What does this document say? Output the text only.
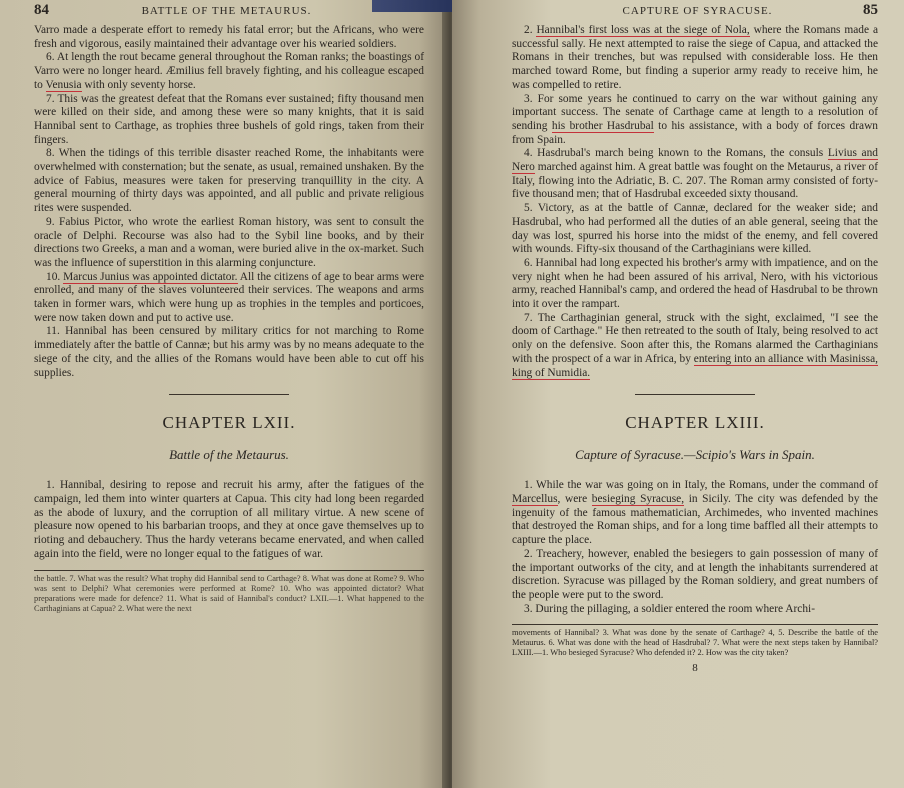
84	BATTLE OF THE METAURUS.

Varro made a desperate effort to remedy his fatal error; but the Africans, who were fresh and vigorous, easily maintained their advantage over his wearied soldiers.

6. At length the rout became general throughout the Roman ranks; the boastings of Varro were no longer heard. Æmilius fell bravely fighting, and his colleague escaped to Venusia with only seventy horse.

7. This was the greatest defeat that the Romans ever sustained; fifty thousand men were killed on their side, and among these were so many knights, that it is said Hannibal sent to Carthage, as trophies three bushels of gold rings, taken from their fingers.

8. When the tidings of this terrible disaster reached Rome, the inhabitants were overwhelmed with consternation; but the senate, as usual, remained unshaken. By the advice of Fabius, measures were taken for preserving tranquillity in the city. A general mourning of thirty days was appointed, and all public and private religious rites were suspended.

9. Fabius Pictor, who wrote the earliest Roman history, was sent to consult the oracle of Delphi. Recourse was also had to the Sybil line books, and by their directions two Greeks, a man and a woman, were buried alive in the ox-market. Such was the influence of superstition in this alarming conjuncture.

10. Marcus Junius was appointed dictator. All the citizens of age to bear arms were enrolled, and many of the slaves volunteered their services. The weapons and arms taken in former wars, which were hung up as trophies in the temples and porticoes, were now taken down and put to active use.

11. Hannibal has been censured by military critics for not marching to Rome immediately after the battle of Cannæ; but his army was by no means adequate to the siege of the city, and the allies of the Romans would have been able to cut off his supplies.

CHAPTER LXII.
Battle of the Metaurus.

1. Hannibal, desiring to repose and recruit his army, after the fatigues of the campaign, led them into winter quarters at Capua. This city had long been regarded as the abode of luxury, and the corruption of all military virtue. A new scene of pleasure now opened to his barbarian troops, and they at once gave themselves up to rioting and debauchery. Thus the hardy veterans became enervated, and when called again into the field, were no longer equal to the fatigues of war.

the battle. 7. What was the result? What trophy did Hannibal send to Carthage? 8. What was done at Rome? 9. Who was sent to Delphi? What ceremonies were performed at Rome? 10. Who was appointed dictator? What preparations were made for defence? 11. What is said of Hannibal's conduct? LXII.—1. What happened to the Carthaginians at Capua? 2. What were the next

CAPTURE OF SYRACUSE.	85

2. Hannibal's first loss was at the siege of Nola, where the Romans made a successful sally. He next attempted to raise the siege of Capua, and attacked the Romans in their trenches, but was repulsed with considerable loss. He then marched toward Rome, but finding a superior army ready to receive him, he was compelled to retire.

3. For some years he continued to carry on the war without gaining any important success. The senate of Carthage came at length to a resolution of sending his brother Hasdrubal to his assistance, with a body of forces drawn from Spain.

4. Hasdrubal's march being known to the Romans, the consuls Livius and Nero marched against him. A great battle was fought on the Metaurus, a river of Italy, flowing into the Adriatic, B. C. 207. The Roman army consisted of forty-five thousand men; that of Hasdrubal exceeded sixty thousand.

5. Victory, as at the battle of Cannæ, declared for the weaker side; and Hasdrubal, who had performed all the duties of an able general, seeing that the day was lost, spurred his horse into the midst of the enemy, and fell covered with wounds. Fifty-six thousand of the Carthaginians were killed.

6. Hannibal had long expected his brother's army with impatience, and on the very night when he had been assured of his arrival, Nero, with his victorious army, reached Hannibal's camp, and ordered the head of Hasdrubal to be thrown into it over the rampart.

7. The Carthaginian general, struck with the sight, exclaimed, "I see the doom of Carthage." He then retreated to the south of Italy, being resolved to act only on the defensive. Soon after this, the Romans alarmed the Carthaginians with the prospect of a war in Africa, by entering into an alliance with Masinissa, king of Numidia.

CHAPTER LXIII.
Capture of Syracuse.—Scipio's Wars in Spain.

1. While the war was going on in Italy, the Romans, under the command of Marcellus, were besieging Syracuse, in Sicily. The city was defended by the ingenuity of the famous mathematician, Archimedes, who invented machines that destroyed the Roman ships, and for a long time baffled all their attempts to capture the place.

2. Treachery, however, enabled the besiegers to gain possession of many of the important outworks of the city, and at length the inhabitants surrendered at discretion. Syracuse was pillaged by the Roman soldiery, and great numbers of the people were put to the sword.

3. During the pillaging, a soldier entered the room where Archi-

movements of Hannibal? 3. What was done by the senate of Carthage? 4, 5. Describe the battle of the Metaurus. 6. What was done with the head of Hasdrubal? 7. What were the next steps taken by Hannibal? LXIII.—1. Who besieged Syracuse? Who defended it? 2. How was the city taken?

8
